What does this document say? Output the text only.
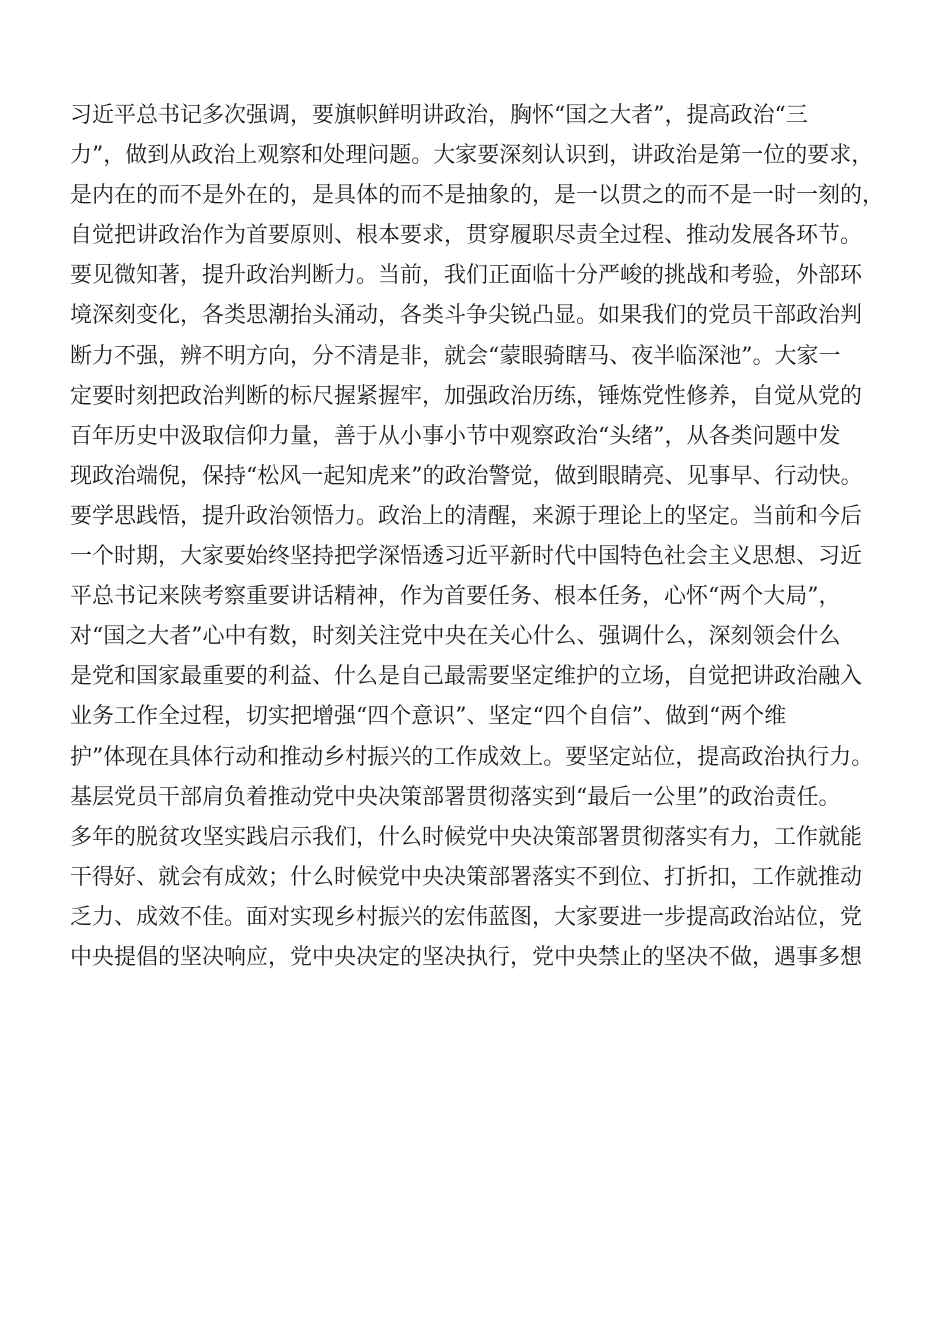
习近平总书记多次强调，要旗帜鲜明讲政治，胸怀“国之大者”，提高政治“三
力”，做到从政治上观察和处理问题。大家要深刻认识到，讲政治是第一位的要求，
是内在的而不是外在的，是具体的而不是抽象的，是一以贯之的而不是一时一刻的，
自觉把讲政治作为首要原则、根本要求，贯穿履职尽责全过程、推动发展各环节。
要见微知著，提升政治判断力。当前，我们正面临十分严峻的挑战和考验，外部环
境深刻变化，各类思潮抬头涌动，各类斗争尖锐凸显。如果我们的党员干部政治判
断力不强，辨不明方向，分不清是非，就会“蒙眼骑瞎马、夜半临深池”。大家一
定要时刻把政治判断的标尺握紧握牢，加强政治历练，锤炼党性修养，自觉从党的
百年历史中汲取信仰力量，善于从小事小节中观察政治“头绪”，从各类问题中发
现政治端倪，保持“松风一起知虎来”的政治警觉，做到眼睛亮、见事早、行动快。
要学思践悟，提升政治领悟力。政治上的清醒，来源于理论上的坚定。当前和今后
一个时期，大家要始终坚持把学深悟透习近平新时代中国特色社会主义思想、习近
平总书记来陕考察重要讲话精神，作为首要任务、根本任务，心怀“两个大局”，
对“国之大者”心中有数，时刻关注党中央在关心什么、强调什么，深刻领会什么
是党和国家最重要的利益、什么是自己最需要坚定维护的立场，自觉把讲政治融入
业务工作全过程，切实把增强“四个意识”、坚定“四个自信”、做到“两个维
护”体现在具体行动和推动乡村振兴的工作成效上。要坚定站位，提高政治执行力。
基层党员干部肩负着推动党中央决策部署贯彻落实到“最后一公里”的政治责任。
多年的脱贫攻坚实践启示我们，什么时候党中央决策部署贯彻落实有力，工作就能
干得好、就会有成效；什么时候党中央决策部署落实不到位、打折扣，工作就推动
乏力、成效不佳。面对实现乡村振兴的宏伟蓝图，大家要进一步提高政治站位，党
中央提倡的坚决响应，党中央决定的坚决执行，党中央禁止的坚决不做，遇事多想
